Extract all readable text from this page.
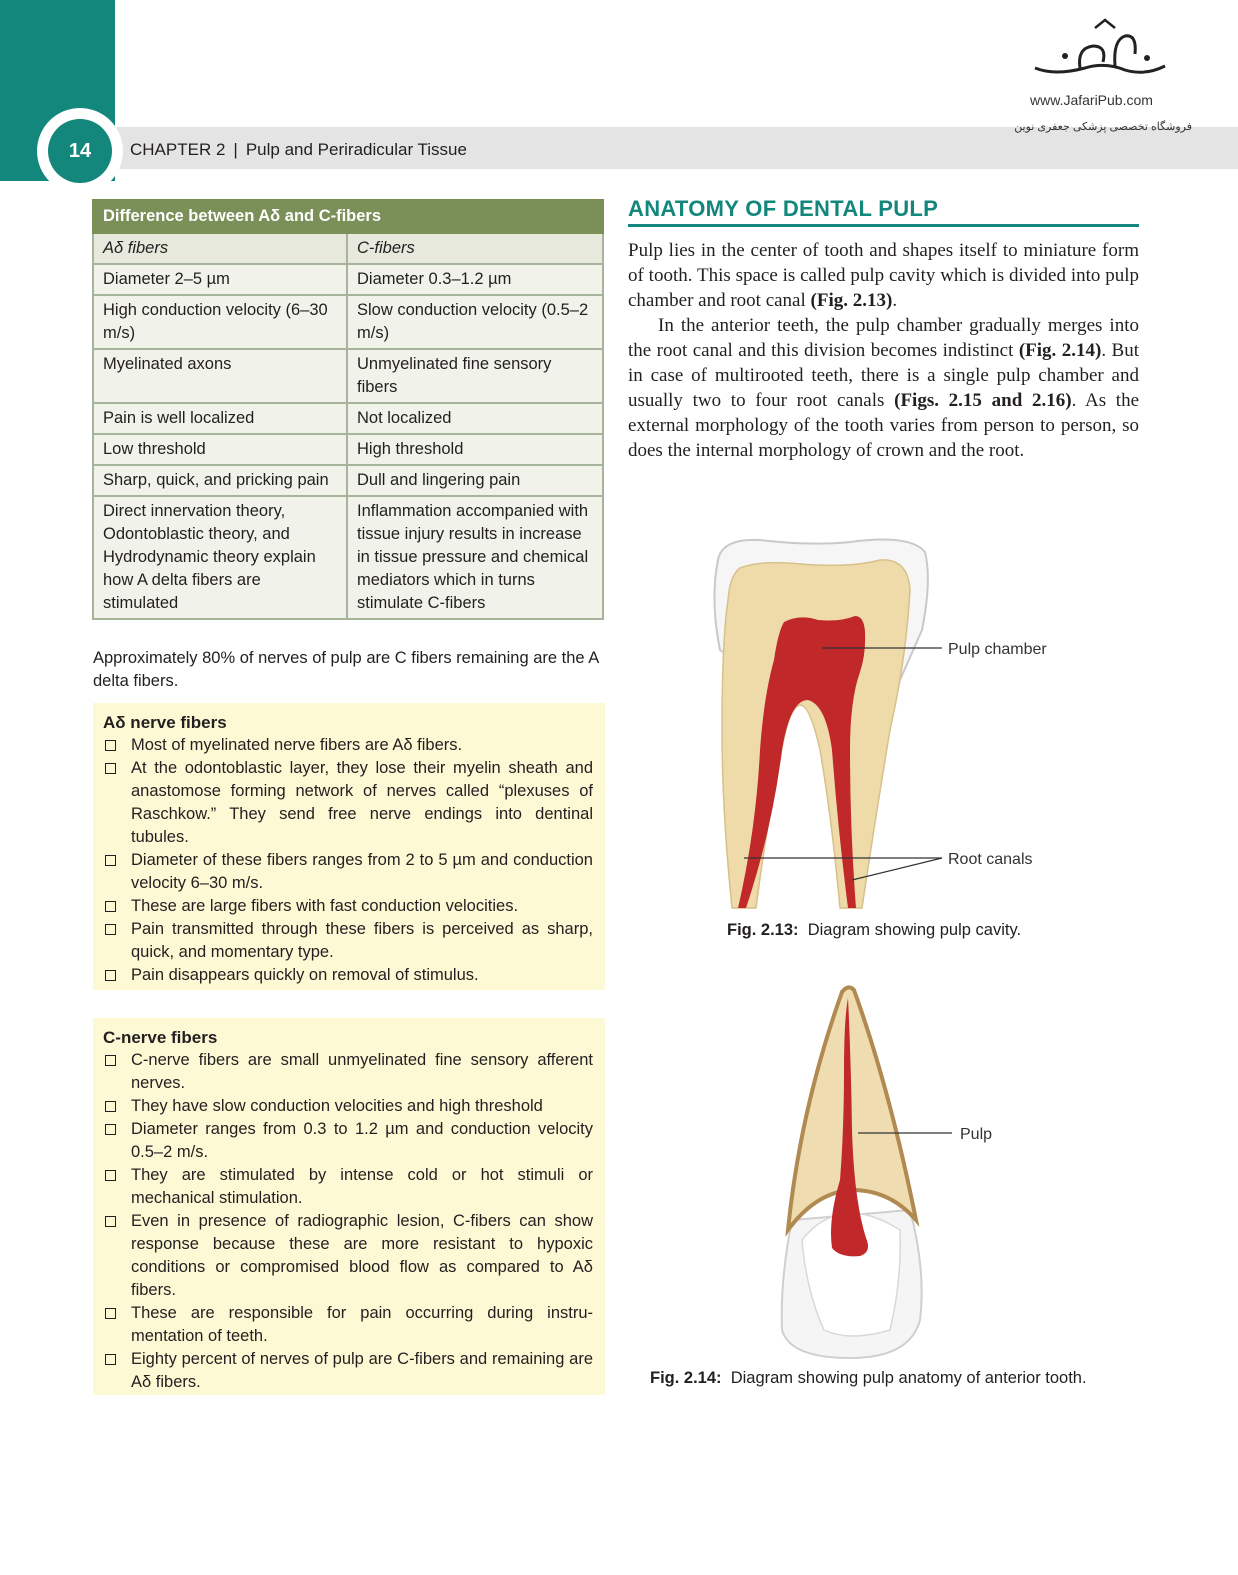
14	CHAPTER 2 | Pulp and Periradicular Tissue
www.JafariPub.com
فروشگاه تخصصی پزشکی جعفری نوین
Difference between Aδ and C-fibers	
Aδ fibers	C-fibers
Diameter 2–5 µm	Diameter 0.3–1.2 µm
High conduction velocity (6–30 m/s)	Slow conduction velocity (0.5–2 m/s)
Myelinated axons	Unmyelinated fine sensory fibers
Pain is well localized	Not localized
Low threshold	High threshold
Sharp, quick, and pricking pain	Dull and lingering pain
Direct innervation theory, Odontoblastic theory, and Hydrodynamic theory explain how A delta fibers are stimulated	Inflammation accompanied with tissue injury results in increase in tissue pressure and chemical mediators which in turns stimulate C-fibers
Approximately 80% of nerves of pulp are C fibers remaining are the A delta fibers.
Aδ nerve fibers
Most of myelinated nerve fibers are Aδ fibers.
At the odontoblastic layer, they lose their myelin sheath and anastomose forming network of nerves called “plexuses of Raschkow.” They send free nerve endings into dentinal tubules.
Diameter of these fibers ranges from 2 to 5 µm and conduction velocity 6–30 m/s.
These are large fibers with fast conduction velocities.
Pain transmitted through these fibers is perceived as sharp, quick, and momentary type.
Pain disappears quickly on removal of stimulus.
C-nerve fibers
C-nerve fibers are small unmyelinated fine sensory afferent nerves.
They have slow conduction velocities and high threshold
Diameter ranges from 0.3 to 1.2 µm and conduction velocity 0.5–2 m/s.
They are stimulated by intense cold or hot stimuli or mechanical stimulation.
Even in presence of radiographic lesion, C-fibers can show response because these are more resistant to hypoxic conditions or compromised blood flow as compared to Aδ fibers.
These are responsible for pain occurring during instru-mentation of teeth.
Eighty percent of nerves of pulp are C-fibers and remaining are Aδ fibers.
ANATOMY OF DENTAL PULP

Pulp lies in the center of tooth and shapes itself to miniature form of tooth. This space is called pulp cavity which is divided into pulp chamber and root canal (Fig. 2.13).

In the anterior teeth, the pulp chamber gradually merges into the root canal and this division becomes indistinct (Fig. 2.14). But in case of multirooted teeth, there is a single pulp chamber and usually two to four root canals (Figs. 2.15 and 2.16). As the external morphology of the tooth varies from person to person, so does the internal morphology of crown and the root.

Pulp chamber
Root canals
Fig. 2.13: Diagram showing pulp cavity.
Pulp
Fig. 2.14: Diagram showing pulp anatomy of anterior tooth.
